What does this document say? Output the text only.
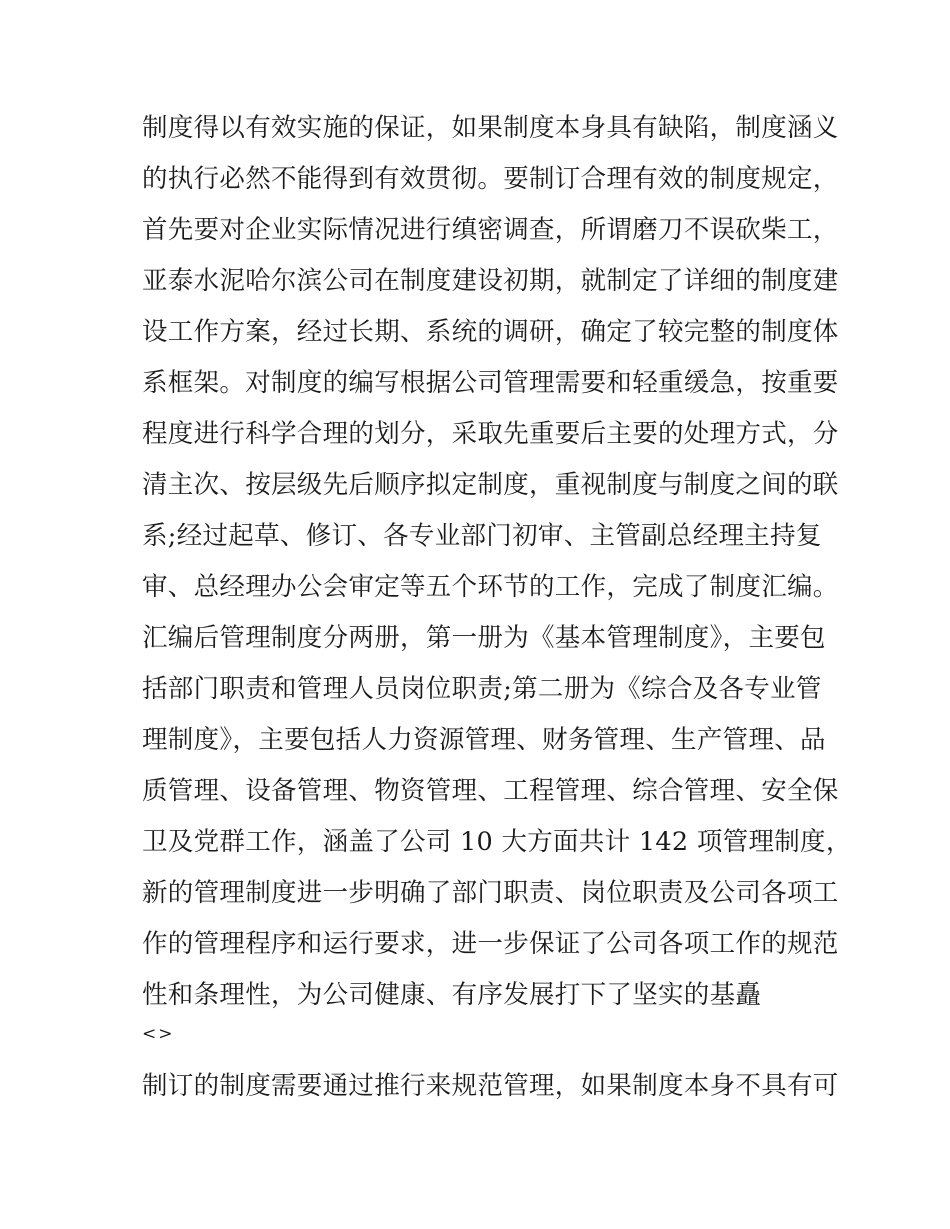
制度得以有效实施的保证，如果制度本身具有缺陷，制度涵义
的执行必然不能得到有效贯彻。要制订合理有效的制度规定，
首先要对企业实际情况进行缜密调查，所谓磨刀不误砍柴工，
亚泰水泥哈尔滨公司在制度建设初期，就制定了详细的制度建
设工作方案，经过长期、系统的调研，确定了较完整的制度体
系框架。对制度的编写根据公司管理需要和轻重缓急，按重要
程度进行科学合理的划分，采取先重要后主要的处理方式，分
清主次、按层级先后顺序拟定制度，重视制度与制度之间的联
系;经过起草、修订、各专业部门初审、主管副总经理主持复
审、总经理办公会审定等五个环节的工作，完成了制度汇编。
汇编后管理制度分两册，第一册为《基本管理制度》，主要包
括部门职责和管理人员岗位职责;第二册为《综合及各专业管
理制度》，主要包括人力资源管理、财务管理、生产管理、品
质管理、设备管理、物资管理、工程管理、综合管理、安全保
卫及党群工作，涵盖了公司 10 大方面共计 142 项管理制度，
新的管理制度进一步明确了部门职责、岗位职责及公司各项工
作的管理程序和运行要求，进一步保证了公司各项工作的规范
性和条理性，为公司健康、有序发展打下了坚实的基矗
<>
制订的制度需要通过推行来规范管理，如果制度本身不具有可
